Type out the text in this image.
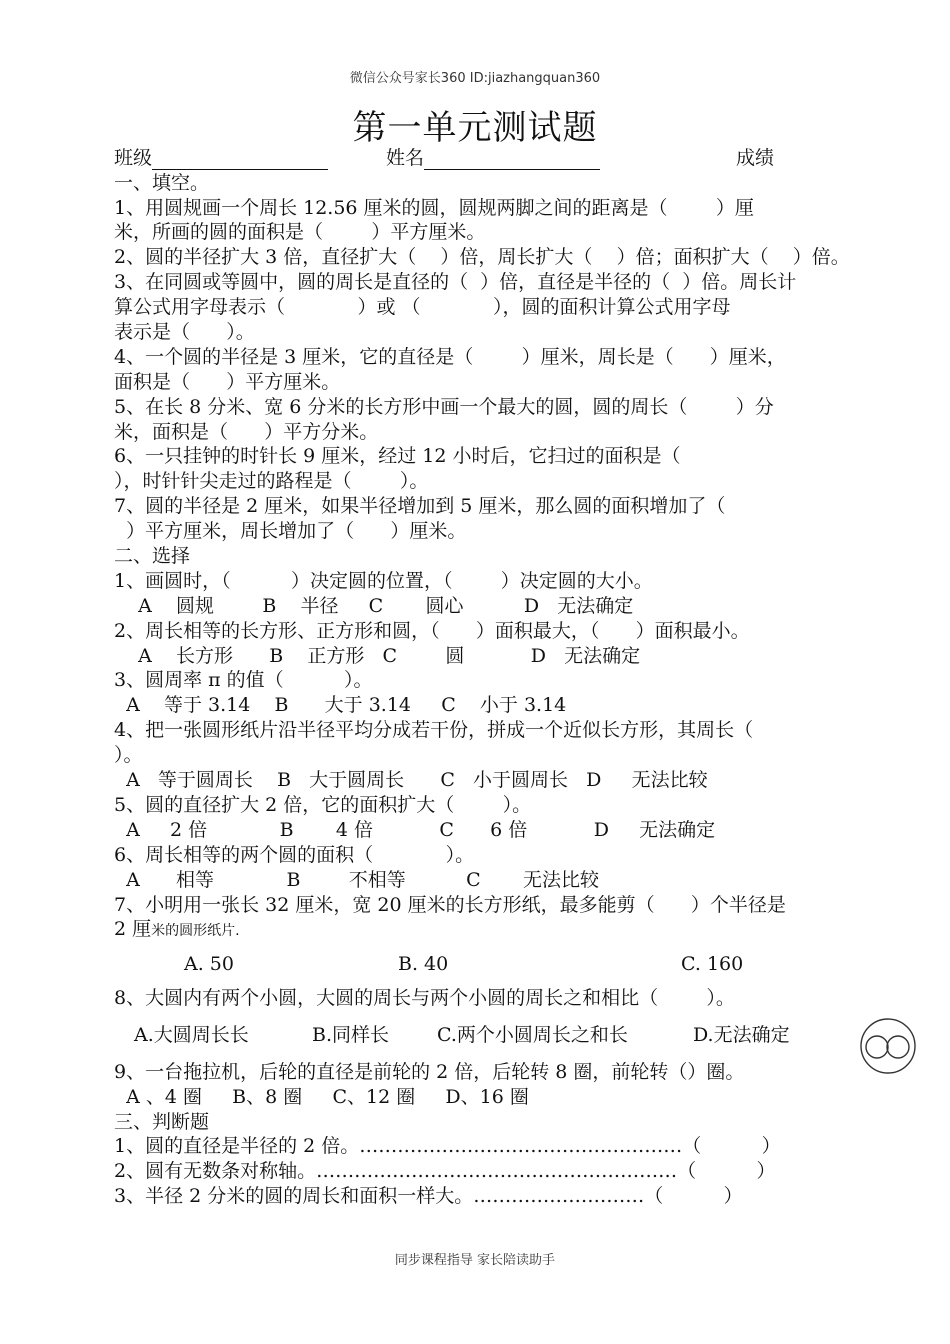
微信公众号家长360 ID:jiazhangquan360
第一单元测试题
班级	姓名	成绩
一、填空。
1、用圆规画一个周长 12.56 厘米的圆，圆规两脚之间的距离是（        ）厘
米，所画的圆的面积是（        ）平方厘米。
2、圆的半径扩大 3 倍，直径扩大（    ）倍，周长扩大（    ）倍；面积扩大（    ）倍。
3、在同圆或等圆中，圆的周长是直径的（  ）倍，直径是半径的（  ）倍。周长计
算公式用字母表示（            ）或 （            ），圆的面积计算公式用字母
表示是（      ）。
4、一个圆的半径是 3 厘米，它的直径是（        ）厘米，周长是（      ）厘米，
面积是（      ）平方厘米。
5、在长 8 分米、宽 6 分米的长方形中画一个最大的圆，圆的周长（        ）分
米，面积是（      ）平方分米。
6、一只挂钟的时针长 9 厘米，经过 12 小时后，它扫过的面积是（
），时针针尖走过的路程是（        ）。
7、圆的半径是 2 厘米，如果半径增加到 5 厘米，那么圆的面积增加了（
）平方厘米，周长增加了（      ）厘米。
二、选择
1、画圆时，（          ）决定圆的位置，（        ）决定圆的大小。
A    圆规        B    半径     C       圆心          D   无法确定
2、周长相等的长方形、正方形和圆，（      ）面积最大，（      ）面积最小。
A    长方形      B    正方形   C        圆           D   无法确定
3、圆周率 π 的值（          ）。
A    等于 3.14    B      大于 3.14     C    小于 3.14
4、把一张圆形纸片沿半径平均分成若干份，拼成一个近似长方形，其周长（
）。
A   等于圆周长    B   大于圆周长      C   小于圆周长   D     无法比较
5、圆的直径扩大 2 倍，它的面积扩大（        ）。
A     2 倍            B       4 倍           C      6 倍           D     无法确定
6、周长相等的两个圆的面积（            ）。
A      相等            B        不相等          C       无法比较
7、小明用一张长 32 厘米，宽 20 厘米的长方形纸，最多能剪（      ）个半径是
2 厘米的圆形纸片.
A. 50	B. 40	C. 160
8、大圆内有两个小圆，大圆的周长与两个小圆的周长之和相比（        ）。
A.大圆周长长	B.同样长	C.两个小圆周长之和长	D.无法确定
9、一台拖拉机，后轮的直径是前轮的 2 倍，后轮转 8 圈，前轮转（）圈。
A 、4 圈     B、8 圈     C、12 圈     D、16 圈
三、判断题
1、圆的直径是半径的 2 倍。……………………………………………（          ）
2、圆有无数条对称轴。…………………………………………………（          ）
3、半径 2 分米的圆的周长和面积一样大。………………………（          ）
同步课程指导 家长陪读助手
